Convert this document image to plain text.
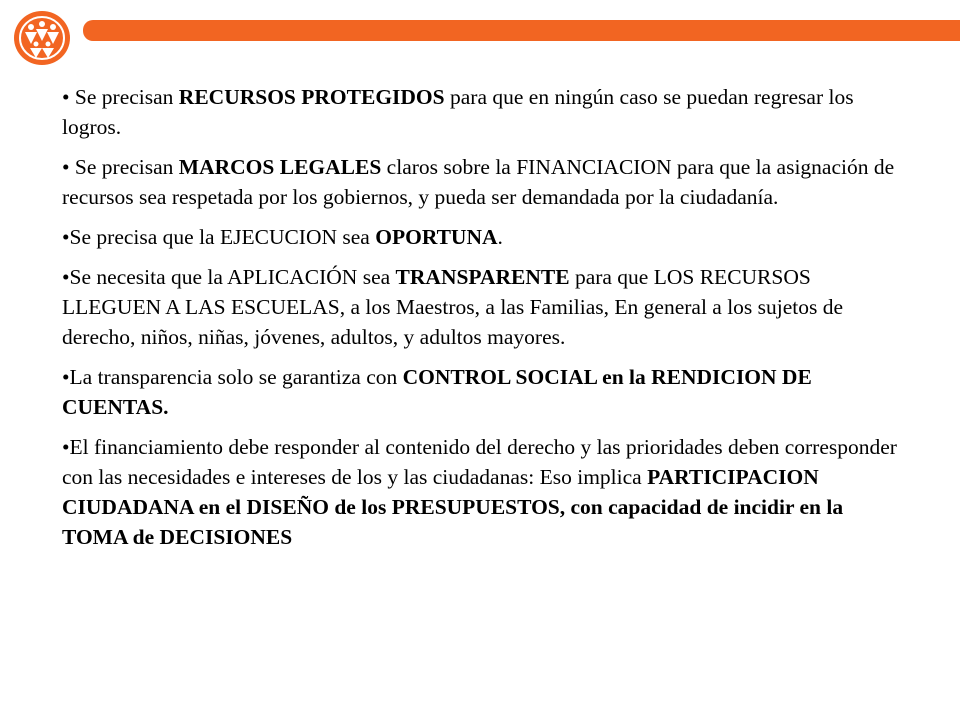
• Se precisan RECURSOS PROTEGIDOS para que en ningún caso se puedan regresar los logros.
• Se precisan MARCOS LEGALES claros sobre la FINANCIACION para que la asignación de recursos sea respetada por los gobiernos, y pueda ser demandada por la ciudadanía.
•Se precisa que la EJECUCION sea OPORTUNA.
•Se necesita que la APLICACIÓN sea TRANSPARENTE para que LOS RECURSOS LLEGUEN A LAS ESCUELAS, a los Maestros, a las Familias, En general a los sujetos de derecho, niños, niñas, jóvenes, adultos, y adultos mayores.
•La transparencia solo se garantiza con CONTROL SOCIAL en la RENDICION DE CUENTAS.
•El financiamiento debe responder al contenido del derecho y las prioridades deben corresponder con las necesidades e intereses de los y las ciudadanas: Eso implica PARTICIPACION CIUDADANA en el DISEÑO de los PRESUPUESTOS, con capacidad de incidir en la TOMA de DECISIONES
